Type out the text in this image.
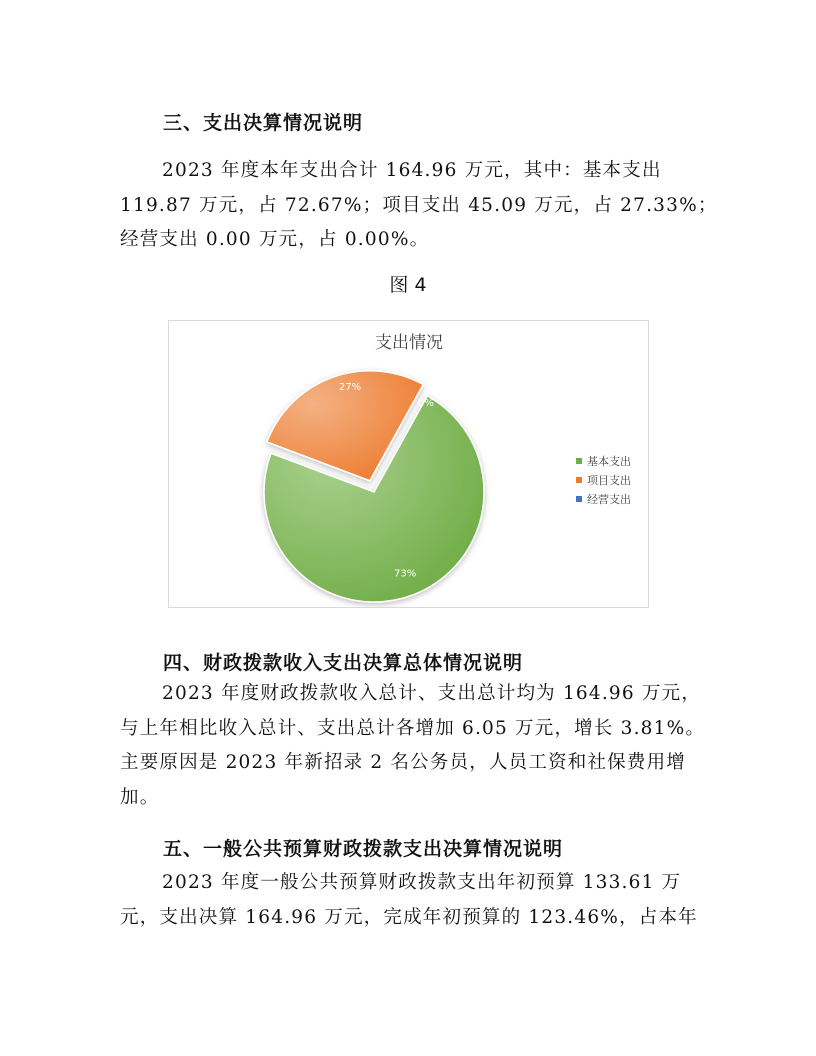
三、支出决算情况说明
2023 年度本年支出合计 164.96 万元，其中：基本支出
119.87 万元，占 72.67%；项目支出 45.09 万元，占 27.33%；
经营支出 0.00 万元，占 0.00%。
图 4
支出情况
73%
0%
27%
基本支出
项目支出
经营支出
四、财政拨款收入支出决算总体情况说明
2023 年度财政拨款收入总计、支出总计均为 164.96 万元，
与上年相比收入总计、支出总计各增加 6.05 万元，增长 3.81%。
主要原因是 2023 年新招录 2 名公务员，人员工资和社保费用增
加。
五、一般公共预算财政拨款支出决算情况说明
2023 年度一般公共预算财政拨款支出年初预算 133.61 万
元，支出决算 164.96 万元，完成年初预算的 123.46%，占本年
